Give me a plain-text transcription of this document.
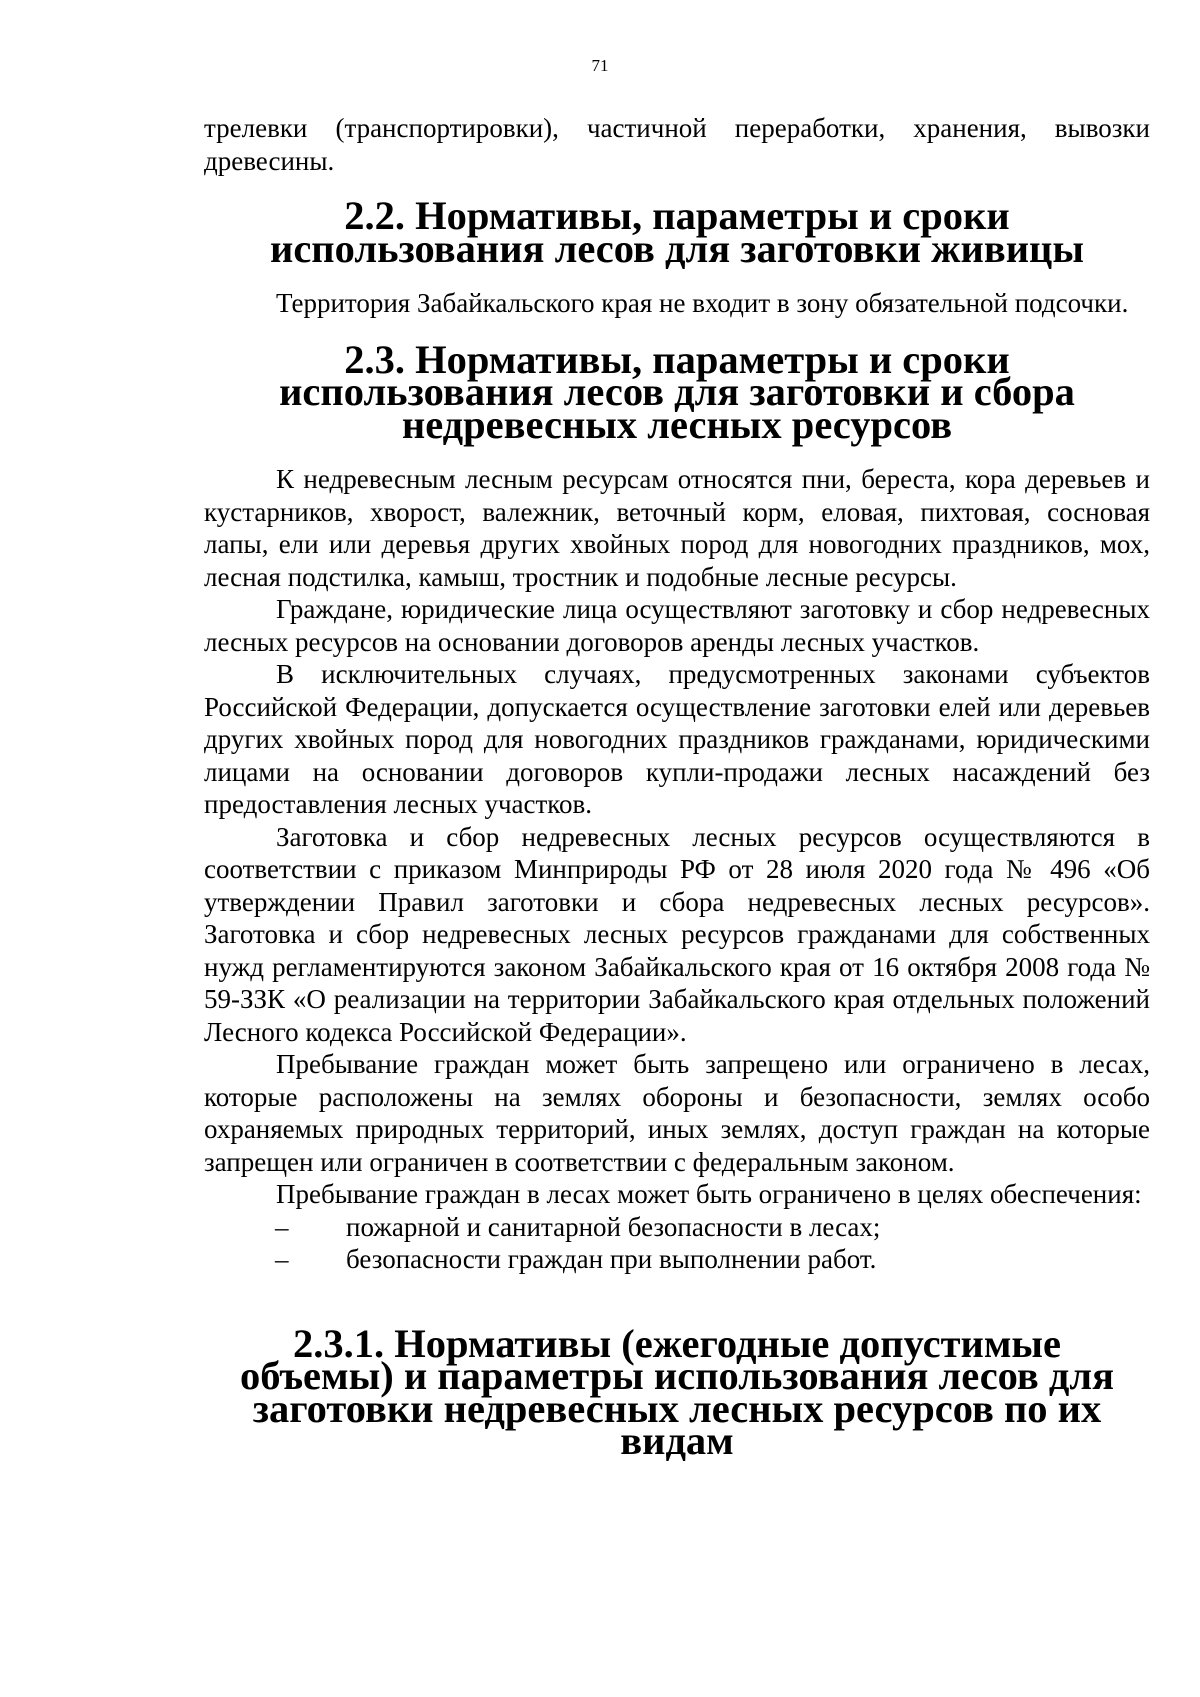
71

трелевки (транспортировки), частичной переработки, хранения, вывозки древесины.

2.2. Нормативы, параметры и сроки использования лесов для заготовки живицы

Территория Забайкальского края не входит в зону обязательной подсочки.

2.3. Нормативы, параметры и сроки использования лесов для заготовки и сбора недревесных лесных ресурсов

К недревесным лесным ресурсам относятся пни, береста, кора деревьев и кустарников, хворост, валежник, веточный корм, еловая, пихтовая, сосновая лапы, ели или деревья других хвойных пород для новогодних праздников, мох, лесная подстилка, камыш, тростник и подобные лесные ресурсы.

Граждане, юридические лица осуществляют заготовку и сбор недревесных лесных ресурсов на основании договоров аренды лесных участков.

В исключительных случаях, предусмотренных законами субъектов Российской Федерации, допускается осуществление заготовки елей или деревьев других хвойных пород для новогодних праздников гражданами, юридическими лицами на основании договоров купли-продажи лесных насаждений без предоставления лесных участков.

Заготовка и сбор недревесных лесных ресурсов осуществляются в соответствии с приказом Минприроды РФ от 28 июля 2020 года № 496 «Об утверждении Правил заготовки и сбора недревесных лесных ресурсов». Заготовка и сбор недревесных лесных ресурсов гражданами для собственных нужд регламентируются законом Забайкальского края от 16 октября 2008 года № 59-ЗЗК «О реализации на территории Забайкальского края отдельных положений Лесного кодекса Российской Федерации».

Пребывание граждан может быть запрещено или ограничено в лесах, которые расположены на землях обороны и безопасности, землях особо охраняемых природных территорий, иных землях, доступ граждан на которые запрещен или ограничен в соответствии с федеральным законом.

Пребывание граждан в лесах может быть ограничено в целях обеспечения:

– пожарной и санитарной безопасности в лесах;

– безопасности граждан при выполнении работ.

2.3.1. Нормативы (ежегодные допустимые объемы) и параметры использования лесов для заготовки недревесных лесных ресурсов по их видам
